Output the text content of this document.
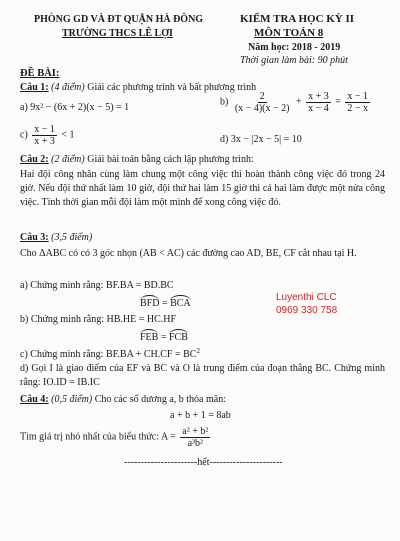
PHÒNG GD VÀ ĐT QUẬN HÀ ĐÔNG
TRƯỜNG THCS LÊ LỢI
KIỂM TRA HỌC KỲ II
MÔN TOÁN 8
Năm học: 2018 - 2019
Thời gian làm bài: 90 phút
ĐỀ BÀI:
Câu 1: (4 điểm) Giải các phương trình và bất phương trình
a) 9x² − (6x + 2)(x − 5) = 1
$b) \frac{2}{(x - 4)(x - 2)} + \frac{x + 3}{x - 4} = \frac{x - 1}{2 - x}$
$c) \frac{x - 1}{x + 3} < 1$	d) 3x − |2x − 5| = 10
Câu 2: (2 điểm) Giải bài toán bằng cách lập phương trình:
Hai đội công nhân cùng làm chung một công việc thì hoàn thành công việc đó trong 24 giờ. Nếu đội thứ nhất làm 10 giờ, đội thứ hai làm 15 giờ thì cả hai làm được một nửa công việc. Tính thời gian mỗi đội làm một mình để xong công việc đó.
Câu 3: (3,5 điểm)
Cho ΔABC có có 3 góc nhọn (AB < AC) các đường cao AD, BE, CF cắt nhau tại H.
a) Chứng minh rằng: BF.BA = BD.BC
BFD = BCA
b) Chứng minh rằng: HB.HE = HC.HF
FEB = FCB
c) Chứng minh rằng: $BF.BA + CH.CF = BC^2$
d) Gọi I là giao điểm của EF và BC và O là trung điểm của đoạn thẳng BC. Chứng minh rằng: IO.ID = IB.IC
Luyenthi CLC
0969 330 758
Câu 4: (0,5 điểm) Cho các số dương a, b thỏa mãn:
a + b + 1 = 8ab
Tìm giá trị nhỏ nhất của biểu thức: $A = \frac{\text{a² + b²}}{\text{a³b²}}$
----------------------hết----------------------
